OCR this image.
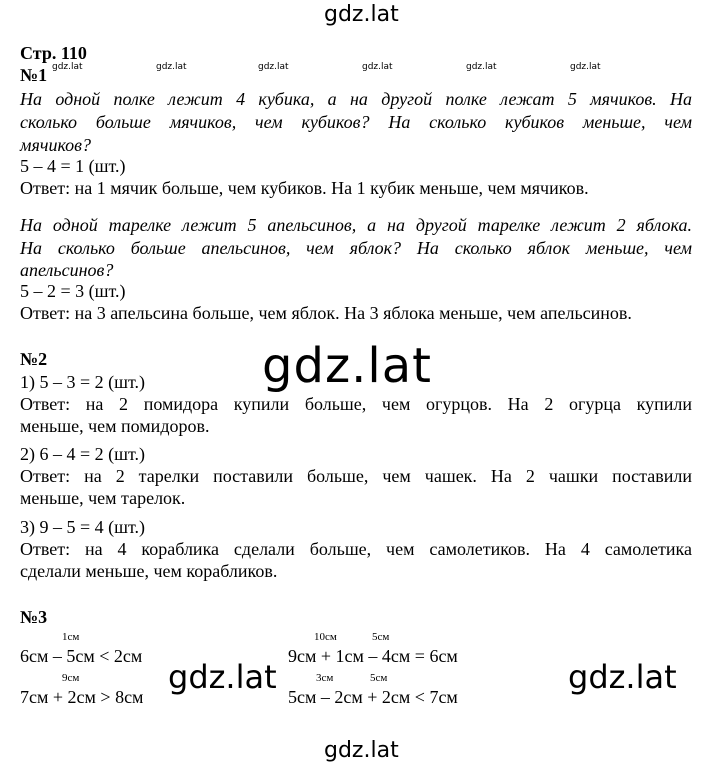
gdz.lat
gdz.lat
gdz.lat
gdz.lat	gdz.lat
gdz.lat	gdz.lat	gdz.lat	gdz.lat	gdz.lat	gdz.lat
Стр. 110
№1
На одной полке лежит 4 кубика, а на другой полке лежат 5 мячиков. На
сколько больше мячиков, чем кубиков? На сколько кубиков меньше, чем
мячиков?
5 – 4 = 1 (шт.)
Ответ: на 1 мячик больше, чем кубиков. На 1 кубик меньше, чем мячиков.
На одной тарелке лежит 5 апельсинов, а на другой тарелке лежит 2 яблока.
На сколько больше апельсинов, чем яблок? На сколько яблок меньше, чем
апельсинов?
5 – 2 = 3 (шт.)
Ответ: на 3 апельсина больше, чем яблок. На 3 яблока меньше, чем апельсинов.
№2
1) 5 – 3 = 2 (шт.)
Ответ: на 2 помидора купили больше, чем огурцов. На 2 огурца купили
меньше, чем помидоров.
2) 6 – 4 = 2 (шт.)
Ответ: на 2 тарелки поставили больше, чем чашек. На 2 чашки поставили
меньше, чем тарелок.
3) 9 – 5 = 4 (шт.)
Ответ: на 4 кораблика сделали больше, чем самолетиков. На 4 самолетика
сделали меньше, чем корабликов.
№3
1см
6см – 5см < 2см
9см
7см + 2см > 8см
10см	5см
9см + 1см – 4см = 6см
3см	5см
5см – 2см + 2см < 7см
